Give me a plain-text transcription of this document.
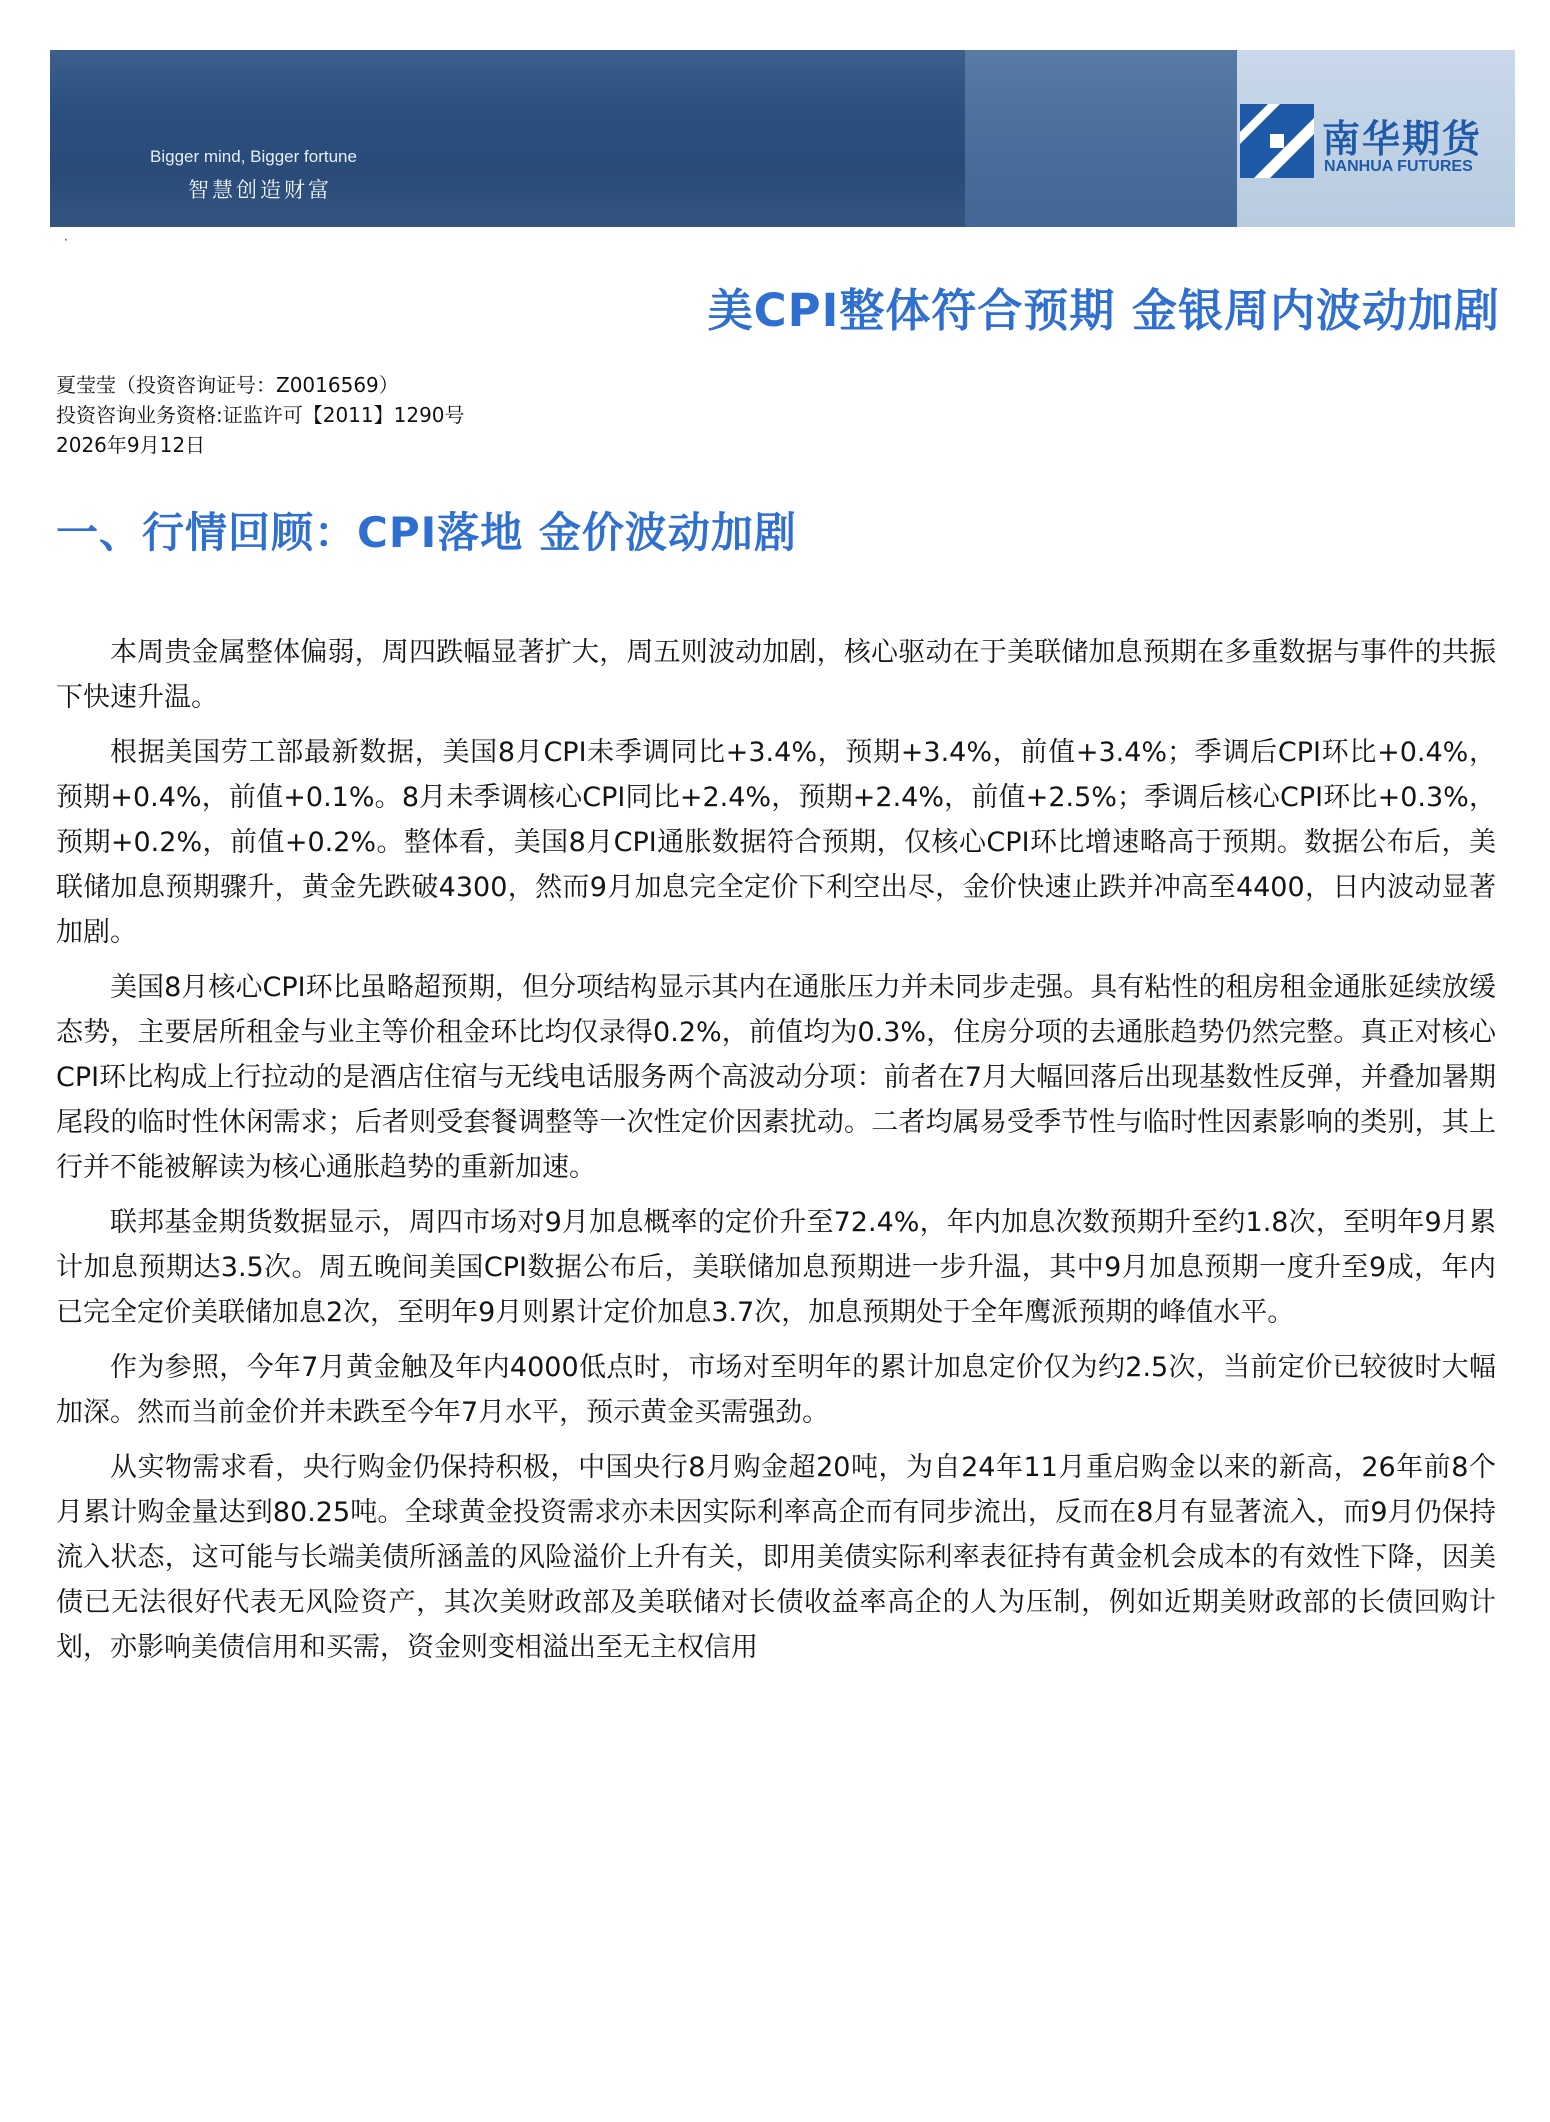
Bigger mind, Bigger fortune
智慧创造财富
南华期货
NANHUA FUTURES
·
美CPI整体符合预期 金银周内波动加剧
夏莹莹（投资咨询证号：Z0016569）
投资咨询业务资格:证监许可【2011】1290号
2026年9月12日
一、行情回顾：CPI落地 金价波动加剧

本周贵金属整体偏弱，周四跌幅显著扩大，周五则波动加剧，核心驱动在于美联储加息预期在多重数据与事件的共振下快速升温。

根据美国劳工部最新数据，美国8月CPI未季调同比+3.4%，预期+3.4%，前值+3.4%；季调后CPI环比+0.4%，预期+0.4%，前值+0.1%。8月未季调核心CPI同比+2.4%，预期+2.4%，前值+2.5%；季调后核心CPI环比+0.3%，预期+0.2%，前值+0.2%。整体看，美国8月CPI通胀数据符合预期，仅核心CPI环比增速略高于预期。数据公布后，美联储加息预期骤升，黄金先跌破4300，然而9月加息完全定价下利空出尽，金价快速止跌并冲高至4400，日内波动显著加剧。

美国8月核心CPI环比虽略超预期，但分项结构显示其内在通胀压力并未同步走强。具有粘性的租房租金通胀延续放缓态势，主要居所租金与业主等价租金环比均仅录得0.2%，前值均为0.3%，住房分项的去通胀趋势仍然完整。真正对核心CPI环比构成上行拉动的是酒店住宿与无线电话服务两个高波动分项：前者在7月大幅回落后出现基数性反弹，并叠加暑期尾段的临时性休闲需求；后者则受套餐调整等一次性定价因素扰动。二者均属易受季节性与临时性因素影响的类别，其上行并不能被解读为核心通胀趋势的重新加速。

联邦基金期货数据显示，周四市场对9月加息概率的定价升至72.4%，年内加息次数预期升至约1.8次，至明年9月累计加息预期达3.5次。周五晚间美国CPI数据公布后，美联储加息预期进一步升温，其中9月加息预期一度升至9成，年内已完全定价美联储加息2次，至明年9月则累计定价加息3.7次，加息预期处于全年鹰派预期的峰值水平。

作为参照，今年7月黄金触及年内4000低点时，市场对至明年的累计加息定价仅为约2.5次，当前定价已较彼时大幅加深。然而当前金价并未跌至今年7月水平，预示黄金买需强劲。

从实物需求看，央行购金仍保持积极，中国央行8月购金超20吨，为自24年11月重启购金以来的新高，26年前8个月累计购金量达到80.25吨。全球黄金投资需求亦未因实际利率高企而有同步流出，反而在8月有显著流入，而9月仍保持流入状态，这可能与长端美债所涵盖的风险溢价上升有关，即用美债实际利率表征持有黄金机会成本的有效性下降，因美债已无法很好代表无风险资产，其次美财政部及美联储对长债收益率高企的人为压制，例如近期美财政部的长债回购计划，亦影响美债信用和买需，资金则变相溢出至无主权信用
